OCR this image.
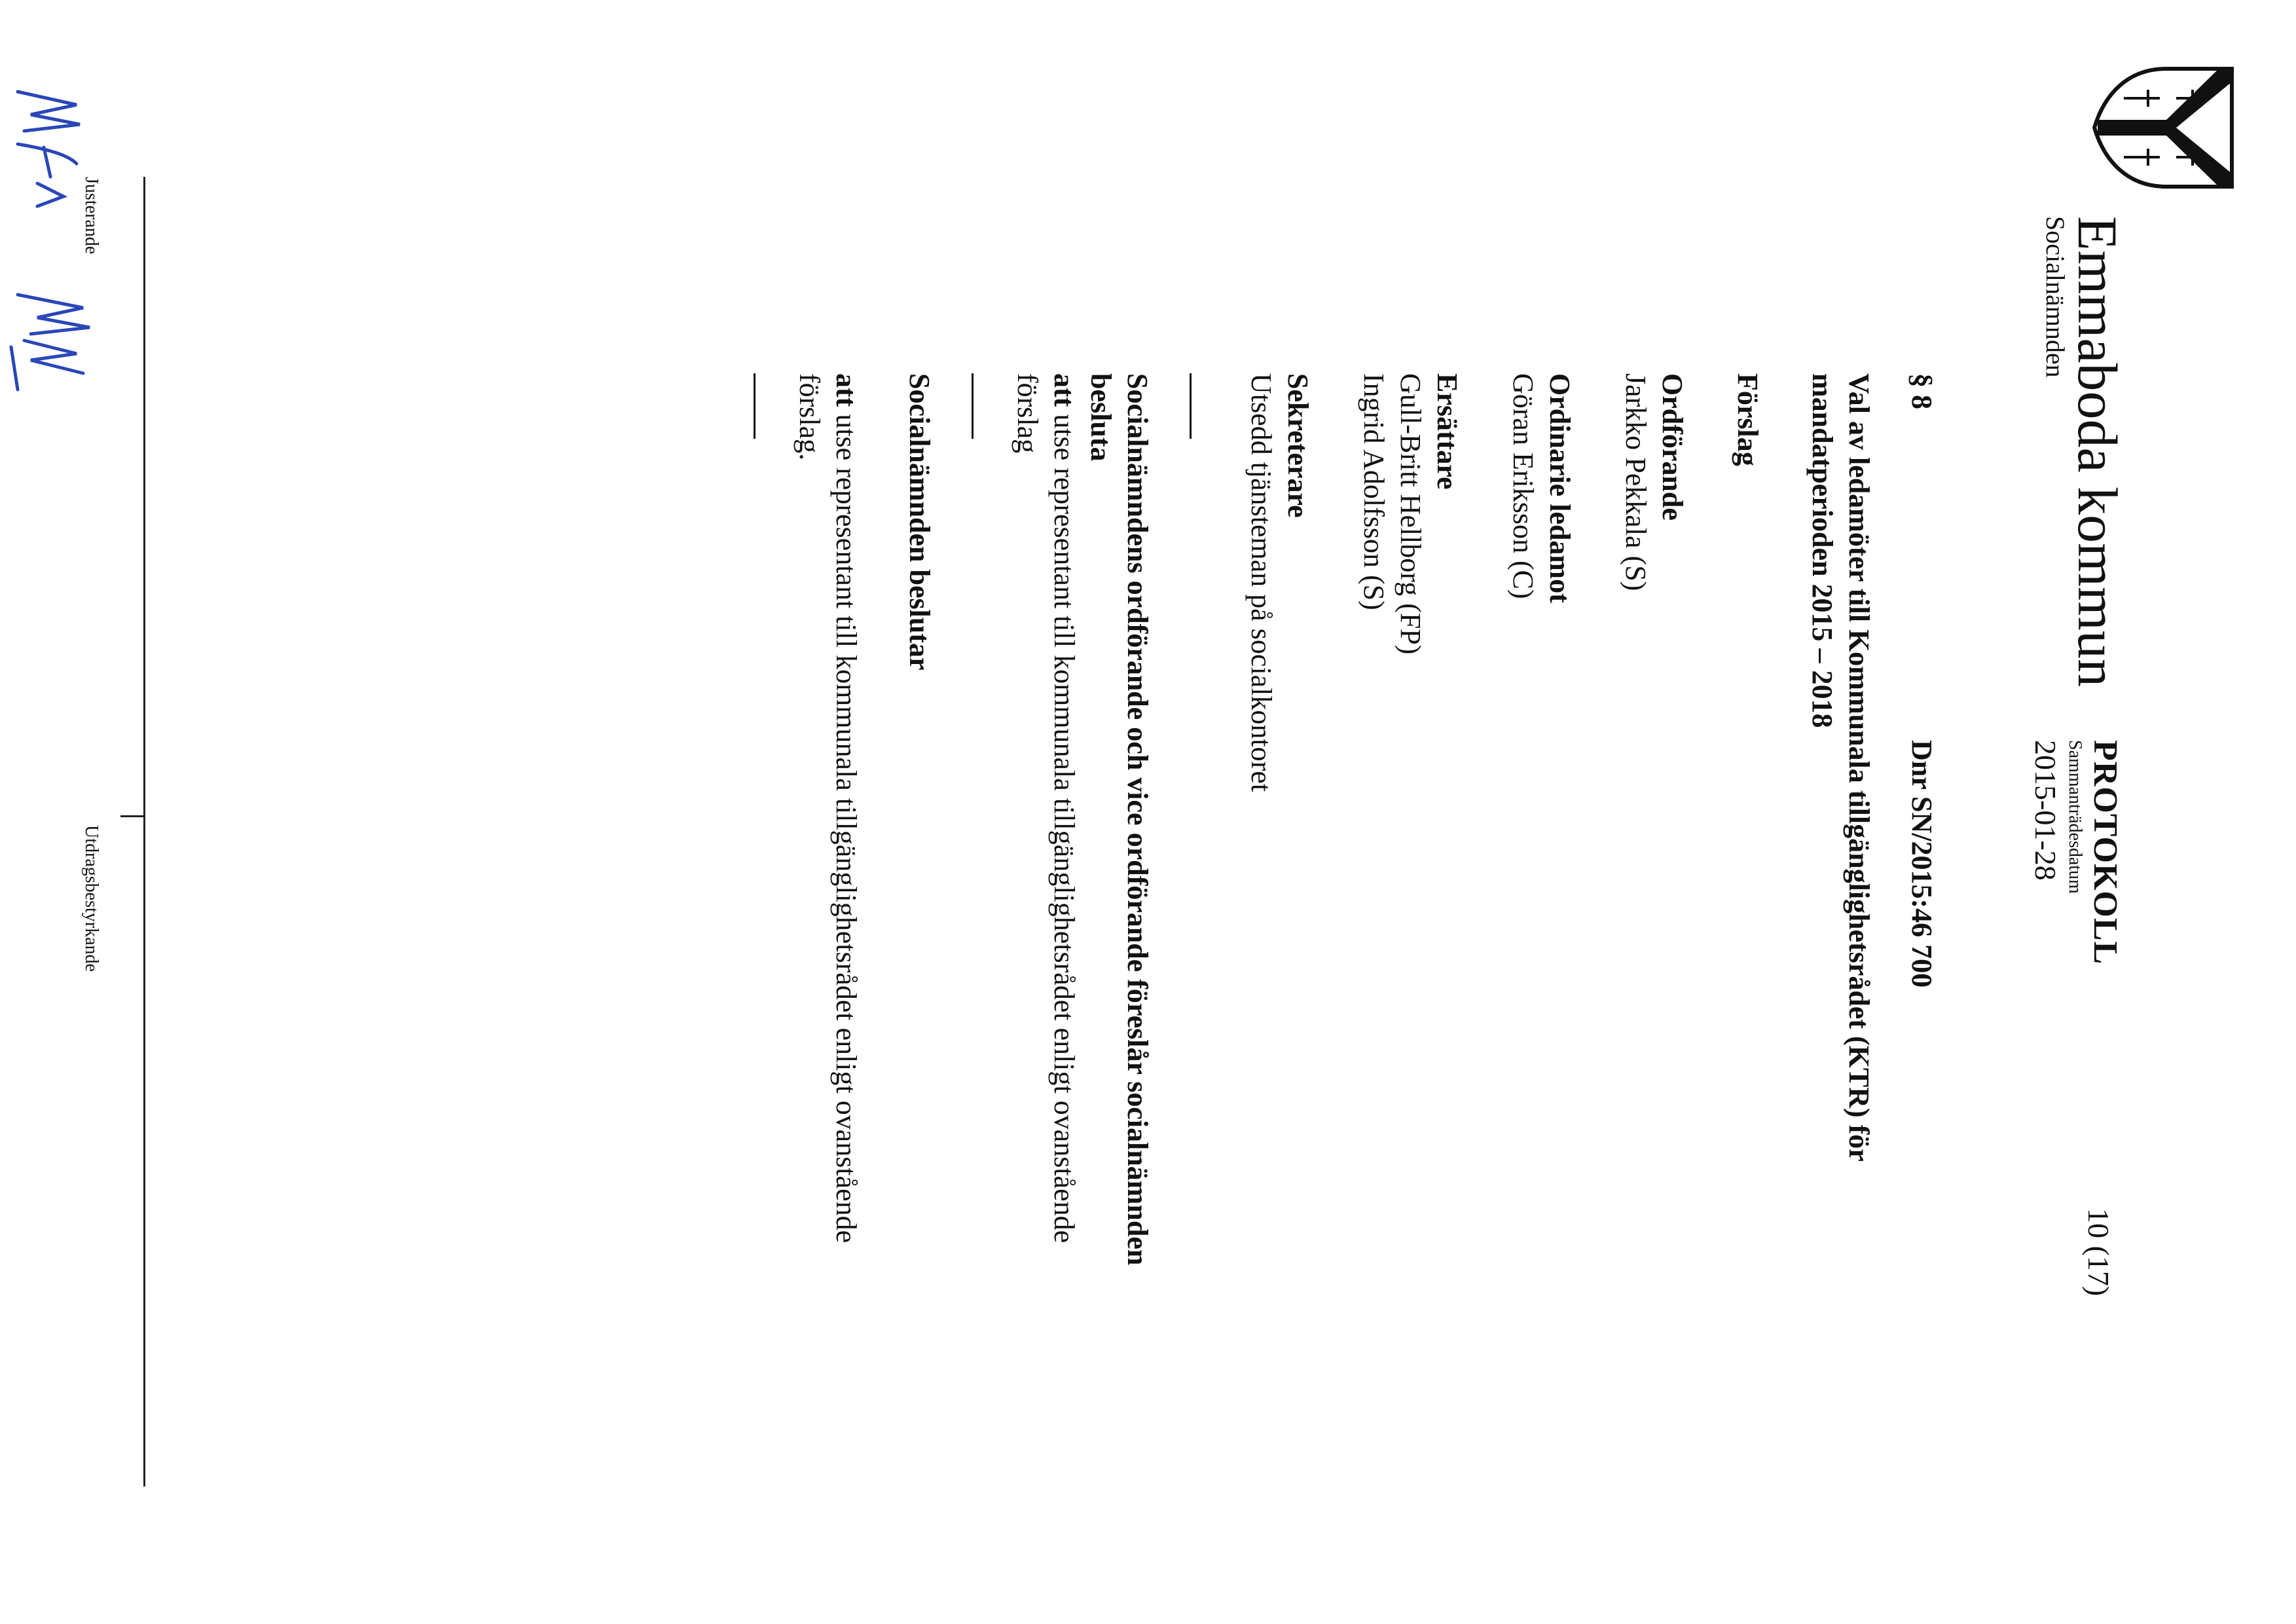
Emmaboda kommun
Socialnämnden
PROTOKOLL
Sammanträdesdatum
2015-01-28
10 (17)
§ 8
Dnr SN/2015:46 700
Val av ledamöter till Kommunala tillgänglighetsrådet (KTR) för mandatperioden 2015 – 2018
Förslag
Ordförande
Jarkko Pekkala (S)
Ordinarie ledamot
Göran Eriksson (C)
Ersättare
Gull-Britt Hellborg (FP)
Ingrid Adolfsson (S)
Sekreterare
Utsedd tjänsteman på socialkontoret
Socialnämndens ordförande och vice ordförande föreslår socialnämnden besluta
att utse representant till kommunala tillgänglighetsrådet enligt ovanstående förslag
Socialnämnden beslutar
att utse representant till kommunala tillgänglighetsrådet enligt ovanstående förslag.
Justerande
Utdragsbestyrkande
